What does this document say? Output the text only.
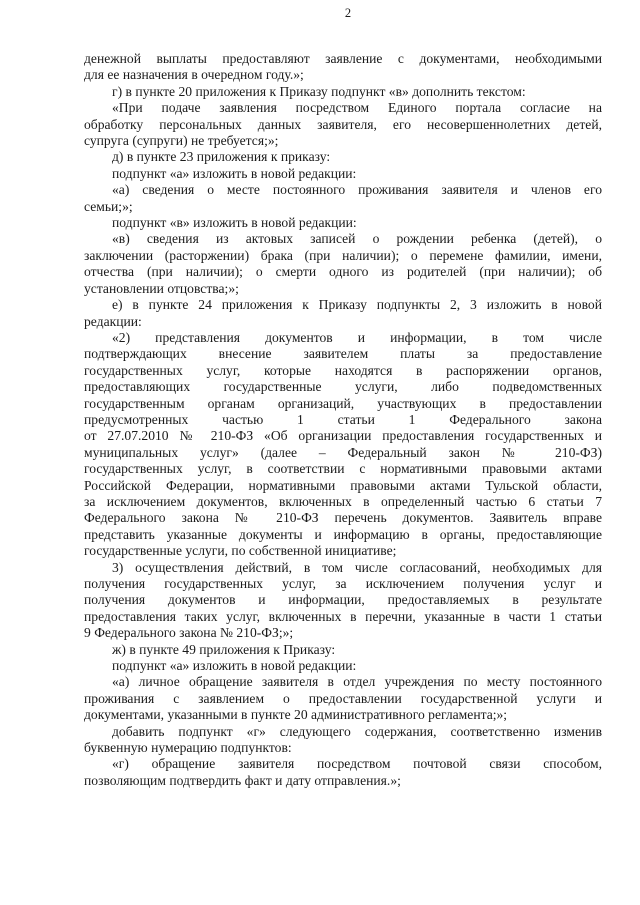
2
денежной выплаты предоставляют заявление с документами, необходимыми
для ее назначения в очередном году.»;
г) в пункте 20 приложения к Приказу подпункт «в» дополнить текстом:
«При подаче заявления посредством Единого портала согласие на
обработку персональных данных заявителя, его несовершеннолетних детей,
супруга (супруги) не требуется;»;
д) в пункте 23 приложения к приказу:
подпункт «а» изложить в новой редакции:
«а) сведения о месте постоянного проживания заявителя и членов его
семьи;»;
подпункт «в» изложить в новой редакции:
«в) сведения из актовых записей о рождении ребенка (детей), о
заключении (расторжении) брака (при наличии); о перемене фамилии, имени,
отчества (при наличии); о смерти одного из родителей (при наличии); об
установлении отцовства;»;
е) в пункте 24 приложения к Приказу подпункты 2, 3 изложить в новой
редакции:
«2) представления документов и информации, в том числе
подтверждающих внесение заявителем платы за предоставление
государственных услуг, которые находятся в распоряжении органов,
предоставляющих государственные услуги, либо подведомственных
государственным органам организаций, участвующих в предоставлении
предусмотренных частью 1 статьи 1 Федерального закона
от 27.07.2010 № 210-ФЗ «Об организации предоставления государственных и
муниципальных услуг» (далее – Федеральный закон № 210-ФЗ)
государственных услуг, в соответствии с нормативными правовыми актами
Российской Федерации, нормативными правовыми актами Тульской области,
за исключением документов, включенных в определенный частью 6 статьи 7
Федерального закона № 210-ФЗ перечень документов. Заявитель вправе
представить указанные документы и информацию в органы, предоставляющие
государственные услуги, по собственной инициативе;
3) осуществления действий, в том числе согласований, необходимых для
получения государственных услуг, за исключением получения услуг и
получения документов и информации, предоставляемых в результате
предоставления таких услуг, включенных в перечни, указанные в части 1 статьи
9 Федерального закона № 210-ФЗ;»;
ж) в пункте 49 приложения к Приказу:
подпункт «а» изложить в новой редакции:
«а) личное обращение заявителя в отдел учреждения по месту постоянного
проживания с заявлением о предоставлении государственной услуги и
документами, указанными в пункте 20 административного регламента;»;
добавить подпункт «г» следующего содержания, соответственно изменив
буквенную нумерацию подпунктов:
«г) обращение заявителя посредством почтовой связи способом,
позволяющим подтвердить факт и дату отправления.»;
